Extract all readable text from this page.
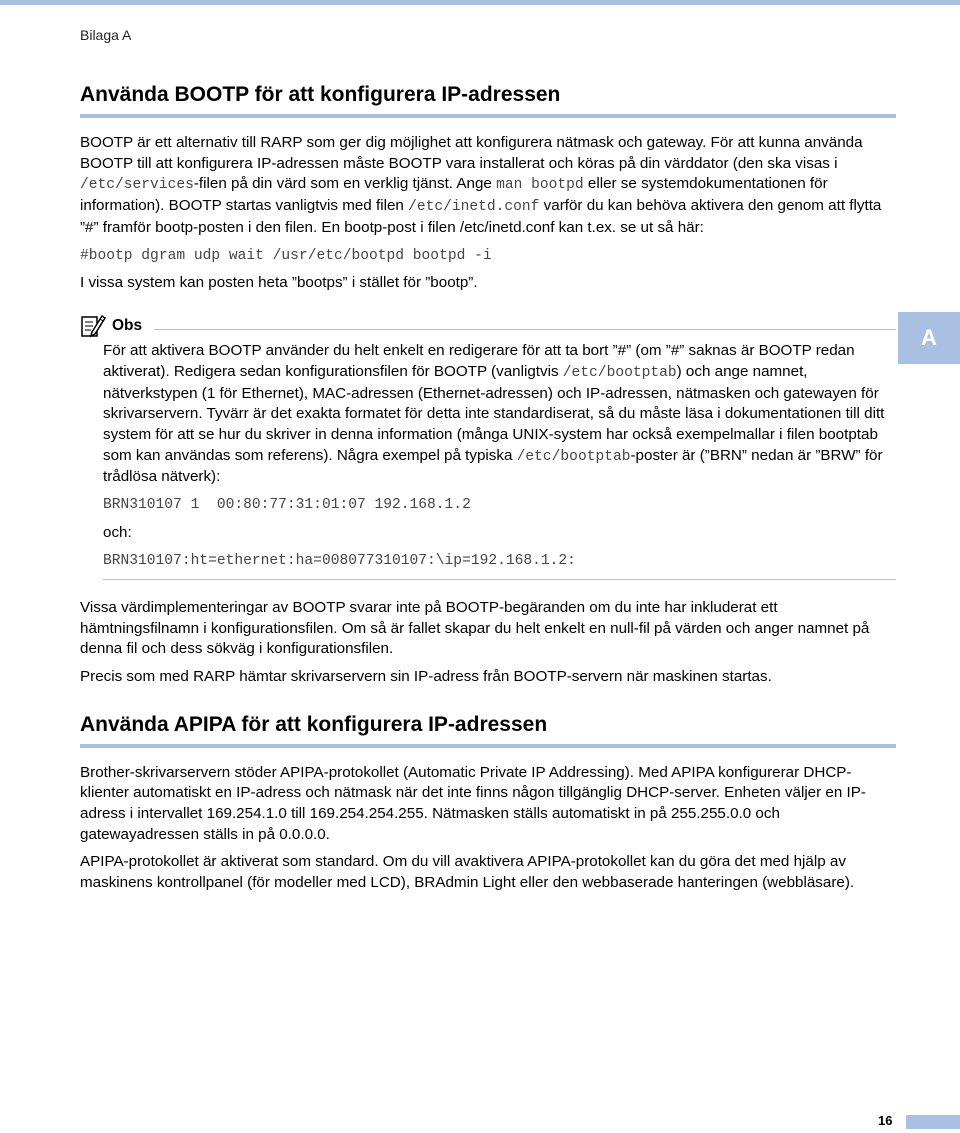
Bilaga A
A
Använda BOOTP för att konfigurera IP-adressen

BOOTP är ett alternativ till RARP som ger dig möjlighet att konfigurera nätmask och gateway. För att kunna använda BOOTP till att konfigurera IP-adressen måste BOOTP vara installerat och köras på din värddator (den ska visas i /etc/services-filen på din värd som en verklig tjänst. Ange man bootpd eller se systemdokumentationen för information). BOOTP startas vanligtvis med filen /etc/inetd.conf varför du kan behöva aktivera den genom att flytta ”#” framför bootp-posten i den filen. En bootp-post i filen /etc/inetd.conf kan t.ex. se ut så här:

#bootp dgram udp wait /usr/etc/bootpd bootpd -i

I vissa system kan posten heta ”bootps” i stället för ”bootp”.

Obs

För att aktivera BOOTP använder du helt enkelt en redigerare för att ta bort ”#” (om ”#” saknas är BOOTP redan aktiverat). Redigera sedan konfigurationsfilen för BOOTP (vanligtvis /etc/bootptab) och ange namnet, nätverkstypen (1 för Ethernet), MAC-adressen (Ethernet-adressen) och IP-adressen, nätmasken och gatewayen för skrivarservern. Tyvärr är det exakta formatet för detta inte standardiserat, så du måste läsa i dokumentationen till ditt system för att se hur du skriver in denna information (många UNIX-system har också exempelmallar i filen bootptab som kan användas som referens). Några exempel på typiska /etc/bootptab-poster är (”BRN” nedan är ”BRW” för trådlösa nätverk):

BRN310107 1  00:80:77:31:01:07 192.168.1.2

och:

BRN310107:ht=ethernet:ha=008077310107:\ip=192.168.1.2:

Vissa värdimplementeringar av BOOTP svarar inte på BOOTP-begäranden om du inte har inkluderat ett hämtningsfilnamn i konfigurationsfilen. Om så är fallet skapar du helt enkelt en null-fil på värden och anger namnet på denna fil och dess sökväg i konfigurationsfilen.

Precis som med RARP hämtar skrivarservern sin IP-adress från BOOTP-servern när maskinen startas.

Använda APIPA för att konfigurera IP-adressen

Brother-skrivarservern stöder APIPA-protokollet (Automatic Private IP Addressing). Med APIPA konfigurerar DHCP-klienter automatiskt en IP-adress och nätmask när det inte finns någon tillgänglig DHCP-server. Enheten väljer en IP-adress i intervallet 169.254.1.0 till 169.254.254.255. Nätmasken ställs automatiskt in på 255.255.0.0 och gatewayadressen ställs in på 0.0.0.0.

APIPA-protokollet är aktiverat som standard. Om du vill avaktivera APIPA-protokollet kan du göra det med hjälp av maskinens kontrollpanel (för modeller med LCD), BRAdmin Light eller den webbaserade hanteringen (webbläsare).

16
